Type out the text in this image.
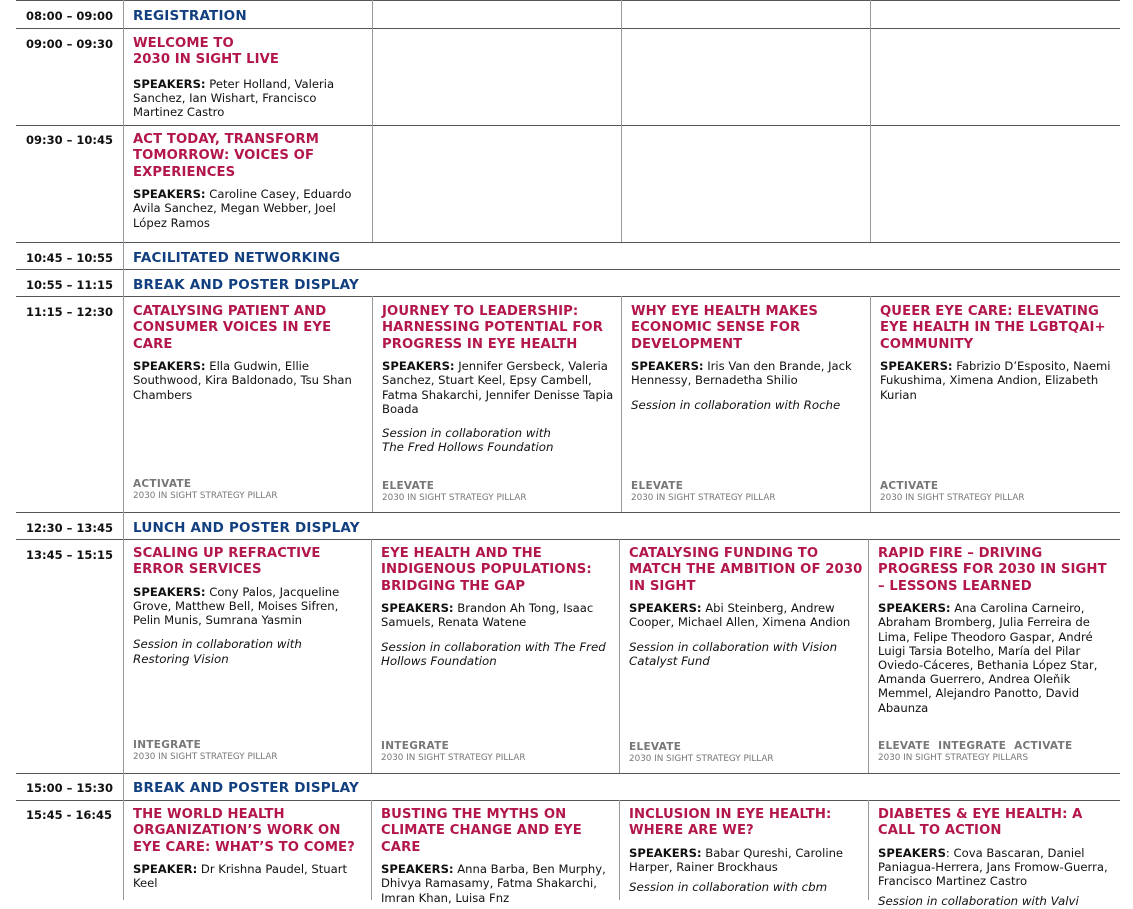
08:00 – 09:00 REGISTRATION
09:00 – 09:30 WELCOME TO
2030 IN SIGHT LIVE
SPEAKERS: Peter Holland, Valeria Sanchez, Ian Wishart, Francisco Martinez Castro
09:30 – 10:45 ACT TODAY, TRANSFORM TOMORROW: VOICES OF EXPERIENCES
SPEAKERS: Caroline Casey, Eduardo Avila Sanchez, Megan Webber, Joel López Ramos
10:45 – 10:55 FACILITATED NETWORKING
10:55 – 11:15 BREAK AND POSTER DISPLAY
11:15 – 12:30 CATALYSING PATIENT AND CONSUMER VOICES IN EYE CARE
SPEAKERS: Ella Gudwin, Ellie Southwood, Kira Baldonado, Tsu Shan Chambers
ACTIVATE
2030 IN SIGHT STRATEGY PILLAR
JOURNEY TO LEADERSHIP: HARNESSING POTENTIAL FOR PROGRESS IN EYE HEALTH
SPEAKERS: Jennifer Gersbeck, Valeria Sanchez, Stuart Keel, Epsy Cambell, Fatma Shakarchi, Jennifer Denisse Tapia Boada
Session in collaboration with
The Fred Hollows Foundation
ELEVATE
2030 IN SIGHT STRATEGY PILLAR
WHY EYE HEALTH MAKES ECONOMIC SENSE FOR DEVELOPMENT
SPEAKERS: Iris Van den Brande, Jack Hennessy, Bernadetha Shilio
Session in collaboration with Roche
ELEVATE
2030 IN SIGHT STRATEGY PILLAR
QUEER EYE CARE: ELEVATING EYE HEALTH IN THE LGBTQAI+ COMMUNITY
SPEAKERS: Fabrizio D’Esposito, Naemi Fukushima, Ximena Andion, Elizabeth Kurian
ACTIVATE
2030 IN SIGHT STRATEGY PILLAR
12:30 – 13:45 LUNCH AND POSTER DISPLAY
13:45 – 15:15 SCALING UP REFRACTIVE ERROR SERVICES
SPEAKERS: Cony Palos, Jacqueline Grove, Matthew Bell, Moises Sifren, Pelin Munis, Sumrana Yasmin
Session in collaboration with
Restoring Vision
INTEGRATE
2030 IN SIGHT STRATEGY PILLAR
EYE HEALTH AND THE INDIGENOUS POPULATIONS: BRIDGING THE GAP
SPEAKERS: Brandon Ah Tong, Isaac Samuels, Renata Watene
Session in collaboration with The Fred Hollows Foundation
INTEGRATE
2030 IN SIGHT STRATEGY PILLAR
CATALYSING FUNDING TO MATCH THE AMBITION OF 2030 IN SIGHT
SPEAKERS: Abi Steinberg, Andrew Cooper, Michael Allen, Ximena Andion
Session in collaboration with Vision Catalyst Fund
ELEVATE
2030 IN SIGHT STRATEGY PILLAR
RAPID FIRE – DRIVING PROGRESS FOR 2030 IN SIGHT – LESSONS LEARNED
SPEAKERS: Ana Carolina Carneiro, Abraham Bromberg, Julia Ferreira de Lima, Felipe Theodoro Gaspar, André Luigi Tarsia Botelho, María del Pilar Oviedo-Cáceres, Bethania López Star, Amanda Guerrero, Andrea Oleňik Memmel, Alejandro Panotto, David Abaunza
ELEVATE  INTEGRATE  ACTIVATE
2030 IN SIGHT STRATEGY PILLARS
15:00 – 15:30 BREAK AND POSTER DISPLAY
15:45 - 16:45 THE WORLD HEALTH ORGANIZATION’S WORK ON EYE CARE: WHAT’S TO COME?
SPEAKER: Dr Krishna Paudel, Stuart Keel
BUSTING THE MYTHS ON CLIMATE CHANGE AND EYE CARE
SPEAKERS: Anna Barba, Ben Murphy, Dhivya Ramasamy, Fatma Shakarchi, Imran Khan, Luisa Fnz
INCLUSION IN EYE HEALTH: WHERE ARE WE?
SPEAKERS: Babar Qureshi, Caroline Harper, Rainer Brockhaus
Session in collaboration with cbm
DIABETES & EYE HEALTH: A CALL TO ACTION
SPEAKERS: Cova Bascaran, Daniel Paniagua-Herrera, Jans Fromow-Guerra, Francisco Martinez Castro
Session in collaboration with Valvi
